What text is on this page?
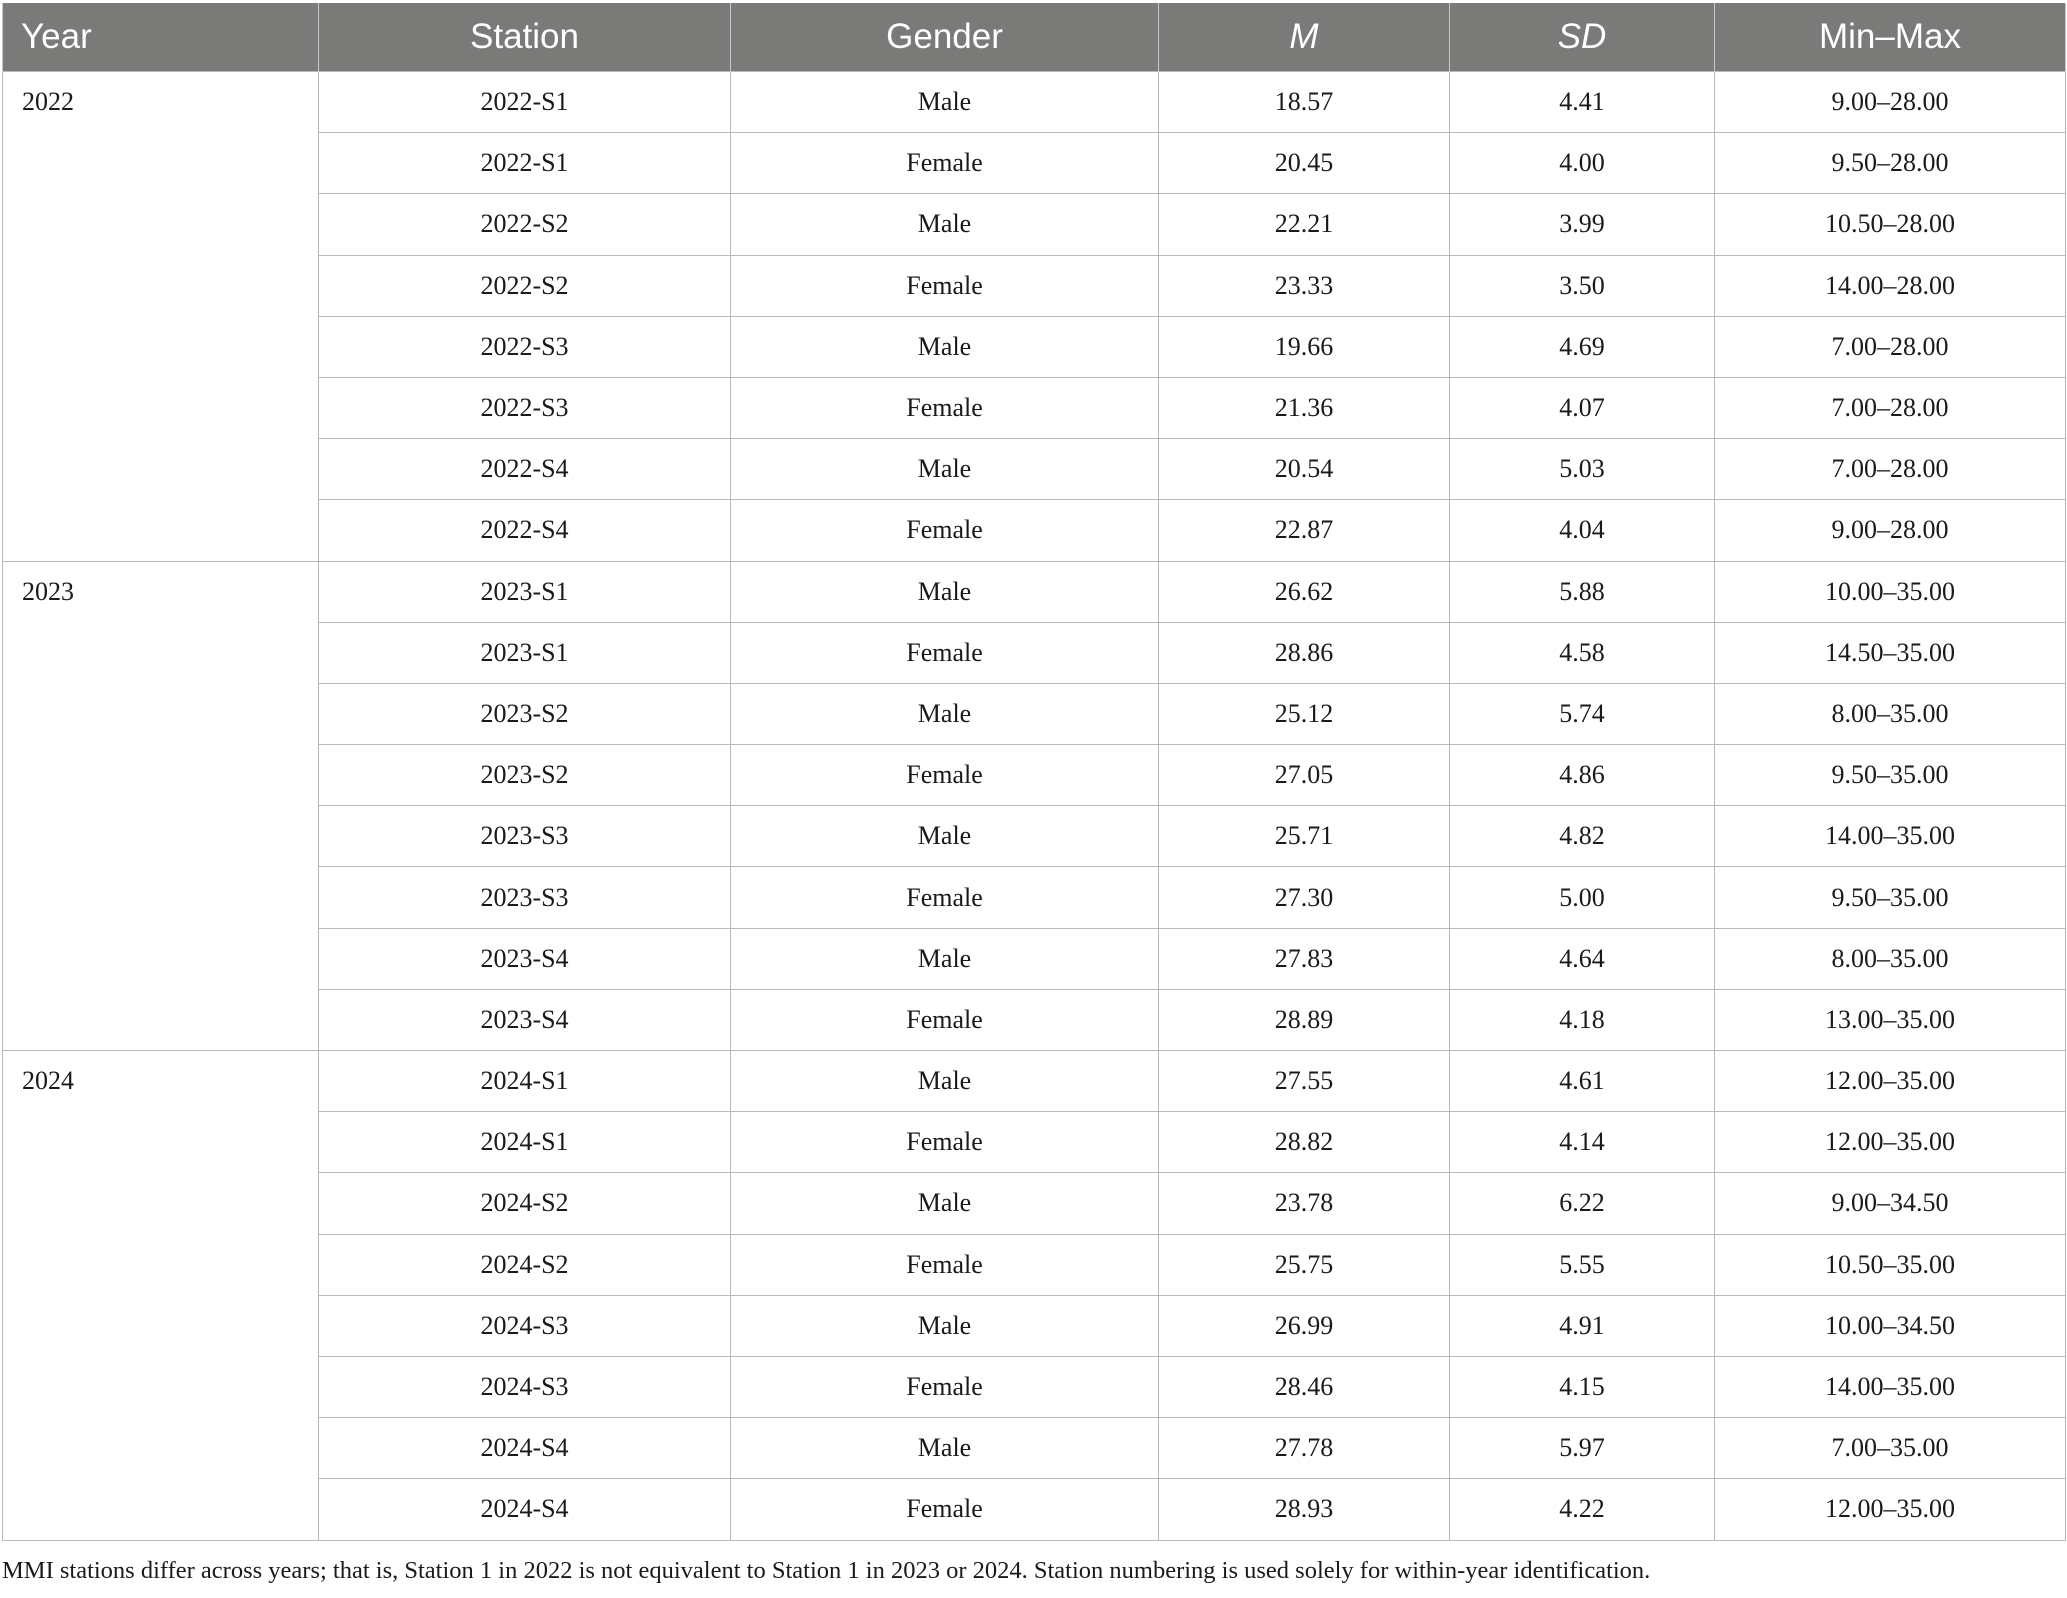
Year	Station	Gender	M	SD	Min–Max
2022	2022-S1	Male	18.57	4.41	9.00–28.00
	2022-S1	Female	20.45	4.00	9.50–28.00
	2022-S2	Male	22.21	3.99	10.50–28.00
	2022-S2	Female	23.33	3.50	14.00–28.00
	2022-S3	Male	19.66	4.69	7.00–28.00
	2022-S3	Female	21.36	4.07	7.00–28.00
	2022-S4	Male	20.54	5.03	7.00–28.00
	2022-S4	Female	22.87	4.04	9.00–28.00
2023	2023-S1	Male	26.62	5.88	10.00–35.00
	2023-S1	Female	28.86	4.58	14.50–35.00
	2023-S2	Male	25.12	5.74	8.00–35.00
	2023-S2	Female	27.05	4.86	9.50–35.00
	2023-S3	Male	25.71	4.82	14.00–35.00
	2023-S3	Female	27.30	5.00	9.50–35.00
	2023-S4	Male	27.83	4.64	8.00–35.00
	2023-S4	Female	28.89	4.18	13.00–35.00
2024	2024-S1	Male	27.55	4.61	12.00–35.00
	2024-S1	Female	28.82	4.14	12.00–35.00
	2024-S2	Male	23.78	6.22	9.00–34.50
	2024-S2	Female	25.75	5.55	10.50–35.00
	2024-S3	Male	26.99	4.91	10.00–34.50
	2024-S3	Female	28.46	4.15	14.00–35.00
	2024-S4	Male	27.78	5.97	7.00–35.00
	2024-S4	Female	28.93	4.22	12.00–35.00
MMI stations differ across years; that is, Station 1 in 2022 is not equivalent to Station 1 in 2023 or 2024. Station numbering is used solely for within-year identification.
